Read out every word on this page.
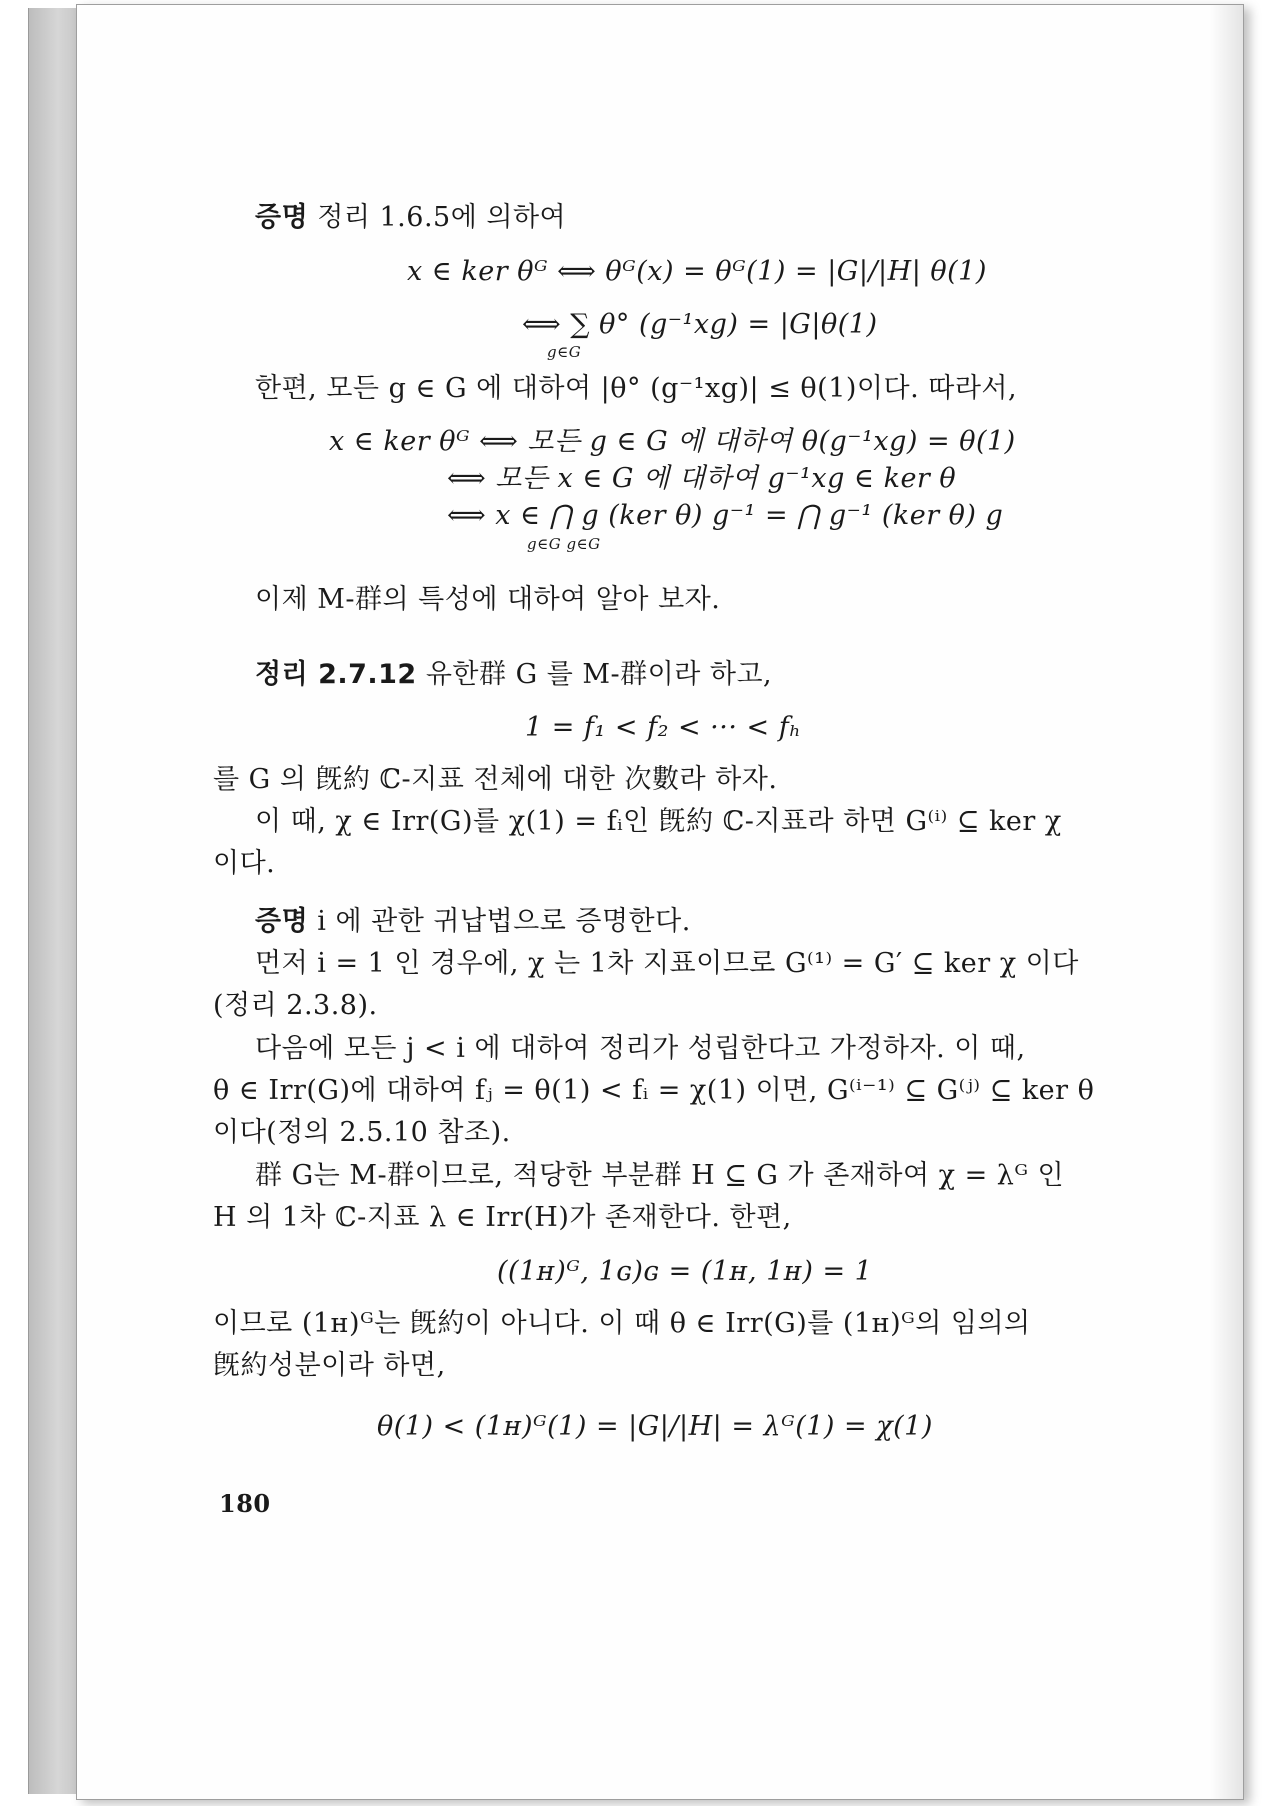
증명 정리 1.6.5에 의하여
x ∈ ker θᴳ ⟺ θᴳ(x) = θᴳ(1) = |G|/|H| θ(1)
⟺ ∑ θ° (g⁻¹xg) = |G|θ(1)
g∈G
한편, 모든 g ∈ G 에 대하여 |θ° (g⁻¹xg)| ≤ θ(1)이다. 따라서,
x ∈ ker θᴳ ⟺ 모든 g ∈ G 에 대하여 θ(g⁻¹xg) = θ(1)
⟺ 모든 x ∈ G 에 대하여 g⁻¹xg ∈ ker θ
⟺ x ∈ ⋂ g (ker θ) g⁻¹ = ⋂ g⁻¹ (ker θ) g
g∈G g∈G
이제 M-群의 특성에 대하여 알아 보자.
정리 2.7.12 유한群 G 를 M-群이라 하고,
1 = f₁ < f₂ < ··· < fₕ
를 G 의 旣約 ℂ-지표 전체에 대한 次數라 하자.
이 때, χ ∈ Irr(G)를 χ(1) = fᵢ인 旣約 ℂ-지표라 하면 G⁽ⁱ⁾ ⊆ ker χ
이다.
증명 i 에 관한 귀납법으로 증명한다.
먼저 i = 1 인 경우에, χ 는 1차 지표이므로 G⁽¹⁾ = G′ ⊆ ker χ 이다
(정리 2.3.8).
다음에 모든 j < i 에 대하여 정리가 성립한다고 가정하자. 이 때,
θ ∈ Irr(G)에 대하여 fⱼ = θ(1) < fᵢ = χ(1) 이면, G⁽ⁱ⁻¹⁾ ⊆ G⁽ʲ⁾ ⊆ ker θ
이다(정의 2.5.10 참조).
群 G는 M-群이므로, 적당한 부분群 H ⊆ G 가 존재하여 χ = λᴳ 인
H 의 1차 ℂ-지표 λ ∈ Irr(H)가 존재한다. 한편,
((1ʜ)ᴳ, 1ɢ)ɢ = (1ʜ, 1ʜ) = 1
이므로 (1ʜ)ᴳ는 旣約이 아니다. 이 때 θ ∈ Irr(G)를 (1ʜ)ᴳ의 임의의
旣約성분이라 하면,
θ(1) < (1ʜ)ᴳ(1) = |G|/|H| = λᴳ(1) = χ(1)
180
